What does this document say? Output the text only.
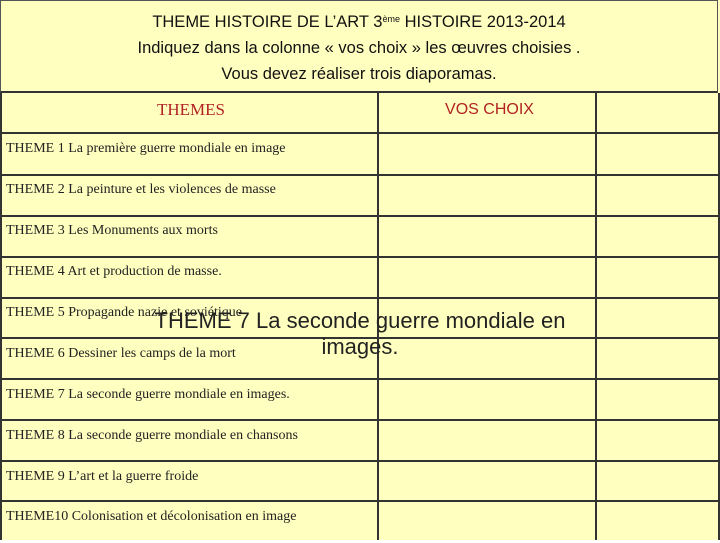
THEME HISTOIRE DE L’ART 3ème HISTOIRE 2013-2014
Indiquez dans la colonne « vos choix » les œuvres choisies .
Vous devez réaliser trois diaporamas.
THEMES	VOS CHOIX
THEME 1 La première guerre mondiale en image
THEME 2 La peinture et les violences de masse
THEME 3 Les Monuments aux morts
THEME 4 Art et production de masse.
THEME 5 Propagande nazie et soviétique
THEME 6 Dessiner les camps de la mort
THEME 7 La seconde guerre mondiale en images.
THEME 8 La seconde guerre mondiale en chansons
THEME 9 L’art et la guerre froide
THEME10 Colonisation et décolonisation en image
THEME 7 La seconde guerre mondiale en
images.
